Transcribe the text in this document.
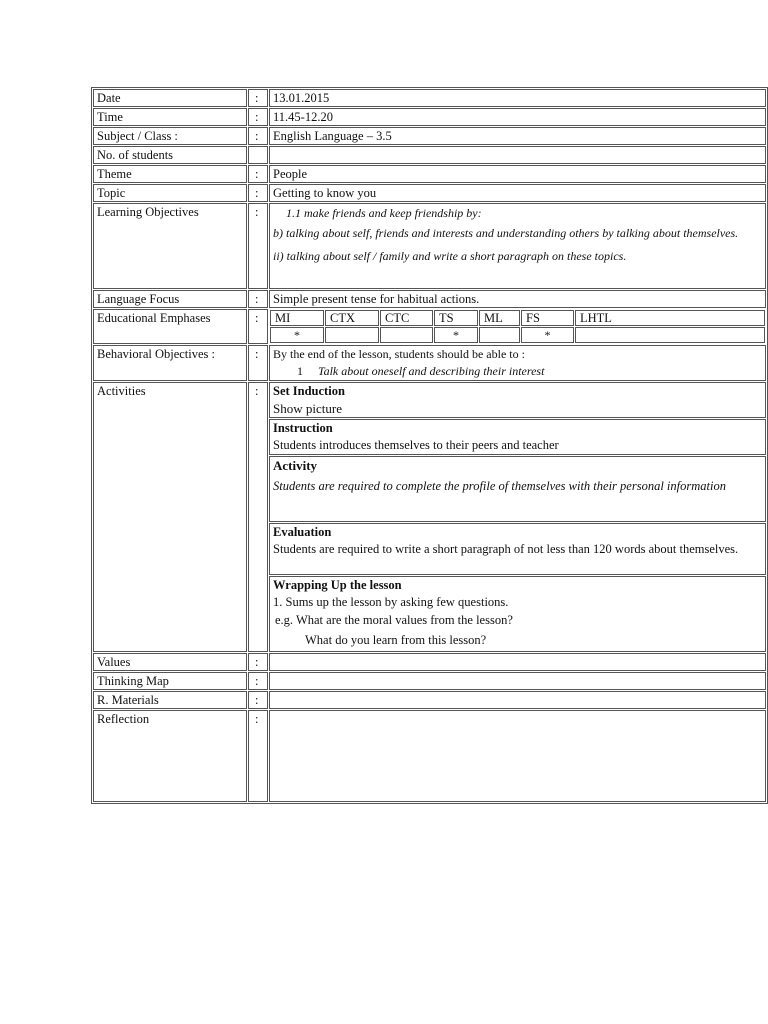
Date	:	13.01.2015
Time	:	11.45-12.20
Subject / Class :	:	English Language – 3.5
No. of students		
Theme	:	People
Topic	:	Getting to know you
Learning Objectives	:	1.1 make friends and keep friendship by:

b) talking about self, friends and interests and understanding others by talking about themselves.

ii) talking about self / family and write a short paragraph on these topics.

Language Focus	:	Simple present tense for habitual actions.
Educational Emphases	:	MI	CTX	CTC	TS	ML	FS	LHTL
*			*		*	

Behavioral Objectives :	:	By the end of the lesson, students should be able to :
1 Talk about oneself and describing their interest

Activities	:	Set Induction
Show picture
Instruction
Students introduces themselves to their peers and teacher
Activity
Students are required to complete the profile of themselves with their personal information
Evaluation
Students are required to write a short paragraph of not less than 120 words about themselves.
Wrapping Up the lesson
1. Sums up the lesson by asking few questions.
e.g. What are the moral values from the lesson?
What do you learn from this lesson?

Values	:	
Thinking Map	:	
R. Materials	:	
Reflection	:	
